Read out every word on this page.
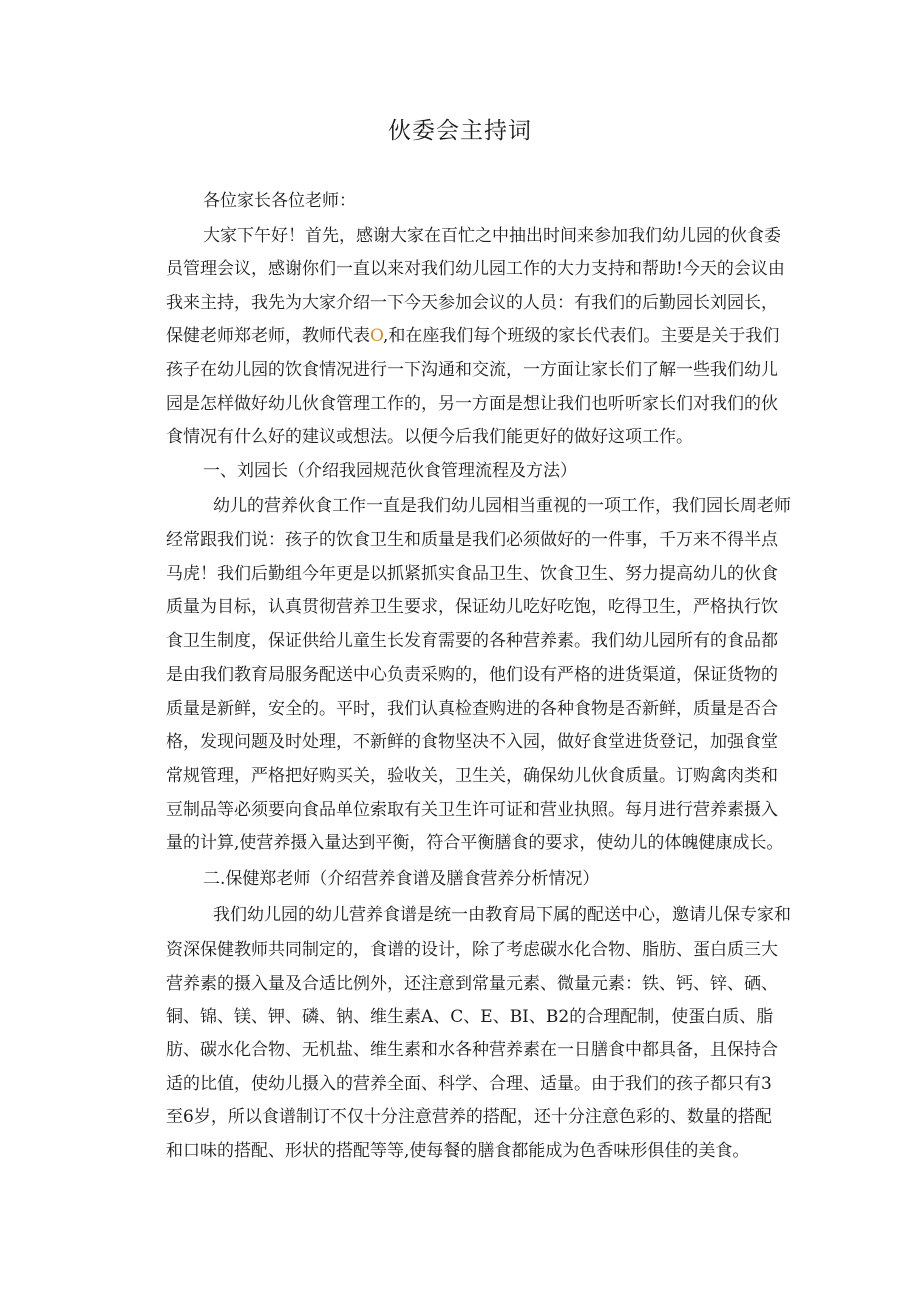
伙委会主持词

各位家长各位老师：

大家下午好！首先，感谢大家在百忙之中抽出时间来参加我们幼儿园的伙食委

员管理会议，感谢你们一直以来对我们幼儿园工作的大力支持和帮助!今天的会议由

我来主持，我先为大家介绍一下今天参加会议的人员：有我们的后勤园长刘园长，

保健老师郑老师，教师代表O,和在座我们每个班级的家长代表们。主要是关于我们

孩子在幼儿园的饮食情况进行一下沟通和交流，一方面让家长们了解一些我们幼儿

园是怎样做好幼儿伙食管理工作的，另一方面是想让我们也听听家长们对我们的伙

食情况有什么好的建议或想法。以便今后我们能更好的做好这项工作。

一、刘园长（介绍我园规范伙食管理流程及方法）

幼儿的营养伙食工作一直是我们幼儿园相当重视的一项工作，我们园长周老师

经常跟我们说：孩子的饮食卫生和质量是我们必须做好的一件事，千万来不得半点

马虎！我们后勤组今年更是以抓紧抓实食品卫生、饮食卫生、努力提高幼儿的伙食

质量为目标，认真贯彻营养卫生要求，保证幼儿吃好吃饱，吃得卫生，严格执行饮

食卫生制度，保证供给儿童生长发育需要的各种营养素。我们幼儿园所有的食品都

是由我们教育局服务配送中心负责采购的，他们设有严格的进货渠道，保证货物的

质量是新鲜，安全的。平时，我们认真检查购进的各种食物是否新鲜，质量是否合

格，发现问题及时处理，不新鲜的食物坚决不入园，做好食堂进货登记，加强食堂

常规管理，严格把好购买关，验收关，卫生关，确保幼儿伙食质量。订购禽肉类和

豆制品等必须要向食品单位索取有关卫生许可证和营业执照。每月进行营养素摄入

量的计算,使营养摄入量达到平衡，符合平衡膳食的要求，使幼儿的体魄健康成长。

二.保健郑老师（介绍营养食谱及膳食营养分析情况）

我们幼儿园的幼儿营养食谱是统一由教育局下属的配送中心，邀请儿保专家和

资深保健教师共同制定的，食谱的设计，除了考虑碳水化合物、脂肪、蛋白质三大

营养素的摄入量及合适比例外，还注意到常量元素、微量元素：铁、钙、锌、硒、

铜、锦、镁、钾、磷、钠、维生素A、C、E、BI、B2的合理配制，使蛋白质、脂

肪、碳水化合物、无机盐、维生素和水各种营养素在一日膳食中都具备，且保持合

适的比值，使幼儿摄入的营养全面、科学、合理、适量。由于我们的孩子都只有3

至6岁，所以食谱制订不仅十分注意营养的搭配，还十分注意色彩的、数量的搭配

和口味的搭配、形状的搭配等等,使每餐的膳食都能成为色香味形俱佳的美食。
